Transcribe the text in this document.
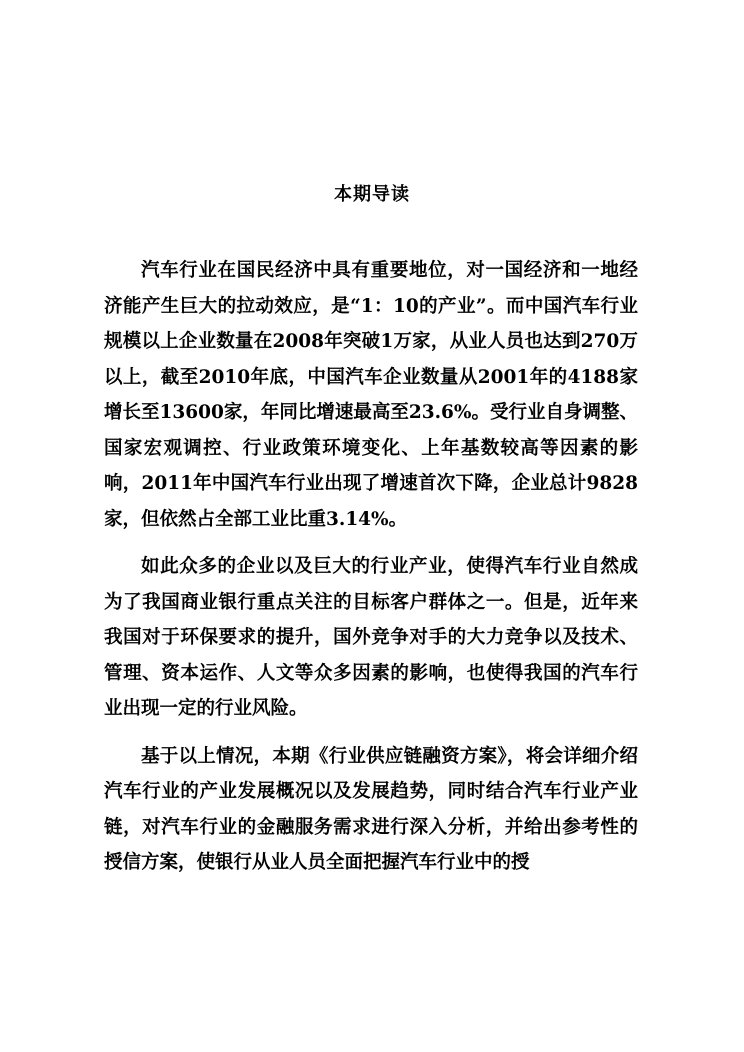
本期导读

汽车行业在国民经济中具有重要地位，对一国经济和一地经济能产生巨大的拉动效应，是“1：10的产业”。而中国汽车行业规模以上企业数量在2008年突破1万家，从业人员也达到270万以上，截至2010年底，中国汽车企业数量从2001年的4188家增长至13600家，年同比增速最高至23.6%。受行业自身调整、国家宏观调控、行业政策环境变化、上年基数较高等因素的影响，2011年中国汽车行业出现了增速首次下降，企业总计9828家，但依然占全部工业比重3.14%。

如此众多的企业以及巨大的行业产业，使得汽车行业自然成为了我国商业银行重点关注的目标客户群体之一。但是，近年来我国对于环保要求的提升，国外竞争对手的大力竞争以及技术、管理、资本运作、人文等众多因素的影响，也使得我国的汽车行业出现一定的行业风险。

基于以上情况，本期《行业供应链融资方案》，将会详细介绍汽车行业的产业发展概况以及发展趋势，同时结合汽车行业产业链，对汽车行业的金融服务需求进行深入分析，并给出参考性的授信方案，使银行从业人员全面把握汽车行业中的授
